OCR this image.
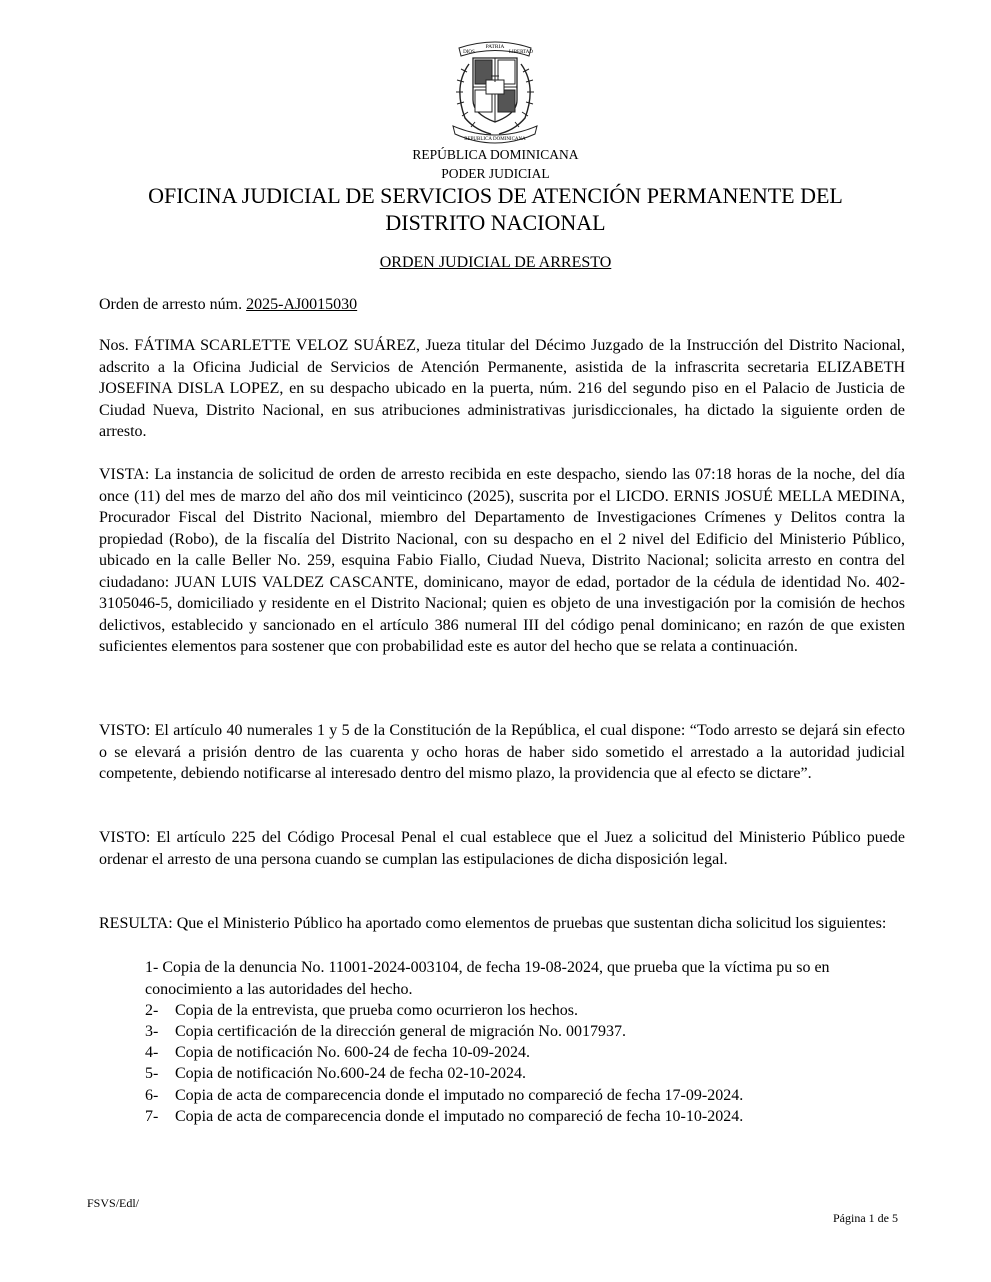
PATRIA
DIOS	LIBERTAD
REPUBLICA DOMINICANA
REPÚBLICA DOMINICANA
PODER JUDICIAL
OFICINA JUDICIAL DE SERVICIOS DE ATENCIÓN PERMANENTE DEL
DISTRITO NACIONAL
ORDEN JUDICIAL DE ARRESTO
Orden de arresto núm. 2025-AJ0015030
Nos. FÁTIMA SCARLETTE VELOZ SUÁREZ, Jueza titular del Décimo Juzgado de la Instrucción del Distrito Nacional, adscrito a la Oficina Judicial de Servicios de Atención Permanente, asistida de la infrascrita secretaria ELIZABETH JOSEFINA DISLA LOPEZ, en su despacho ubicado en la puerta, núm. 216 del segundo piso en el Palacio de Justicia de Ciudad Nueva, Distrito Nacional, en sus atribuciones administrativas jurisdiccionales, ha dictado la siguiente orden de arresto.
VISTA: La instancia de solicitud de orden de arresto recibida en este despacho, siendo las 07:18 horas de la noche, del día once (11) del mes de marzo del año dos mil veinticinco (2025), suscrita por el LICDO. ERNIS JOSUÉ MELLA MEDINA, Procurador Fiscal del Distrito Nacional, miembro del Departamento de Investigaciones Crímenes y Delitos contra la propiedad (Robo), de la fiscalía del Distrito Nacional, con su despacho en el 2 nivel del Edificio del Ministerio Público, ubicado en la calle Beller No. 259, esquina Fabio Fiallo, Ciudad Nueva, Distrito Nacional; solicita arresto en contra del ciudadano: JUAN LUIS VALDEZ CASCANTE, dominicano, mayor de edad, portador de la cédula de identidad No. 402-3105046-5, domiciliado y residente en el Distrito Nacional; quien es objeto de una investigación por la comisión de hechos delictivos, establecido y sancionado en el artículo 386 numeral III del código penal dominicano; en razón de que existen suficientes elementos para sostener que con probabilidad este es autor del hecho que se relata a continuación.
VISTO: El artículo 40 numerales 1 y 5 de la Constitución de la República, el cual dispone: “Todo arresto se dejará sin efecto o se elevará a prisión dentro de las cuarenta y ocho horas de haber sido sometido el arrestado a la autoridad judicial competente, debiendo notificarse al interesado dentro del mismo plazo, la providencia que al efecto se dictare”.
VISTO: El artículo 225 del Código Procesal Penal el cual establece que el Juez a solicitud del Ministerio Público puede ordenar el arresto de una persona cuando se cumplan las estipulaciones de dicha disposición legal.
RESULTA: Que el Ministerio Público ha aportado como elementos de pruebas que sustentan dicha solicitud los siguientes:
1- Copia de la denuncia No. 11001-2024-003104, de fecha 19-08-2024, que prueba que la víctima pu so en conocimiento a las autoridades del hecho.
2- Copia de la entrevista, que prueba como ocurrieron los hechos.
3- Copia certificación de la dirección general de migración No. 0017937.
4- Copia de notificación No. 600-24 de fecha 10-09-2024.
5- Copia de notificación No.600-24 de fecha 02-10-2024.
6- Copia de acta de comparecencia donde el imputado no compareció de fecha 17-09-2024.
7- Copia de acta de comparecencia donde el imputado no compareció de fecha 10-10-2024.
FSVS/Edl/
Página 1 de 5
